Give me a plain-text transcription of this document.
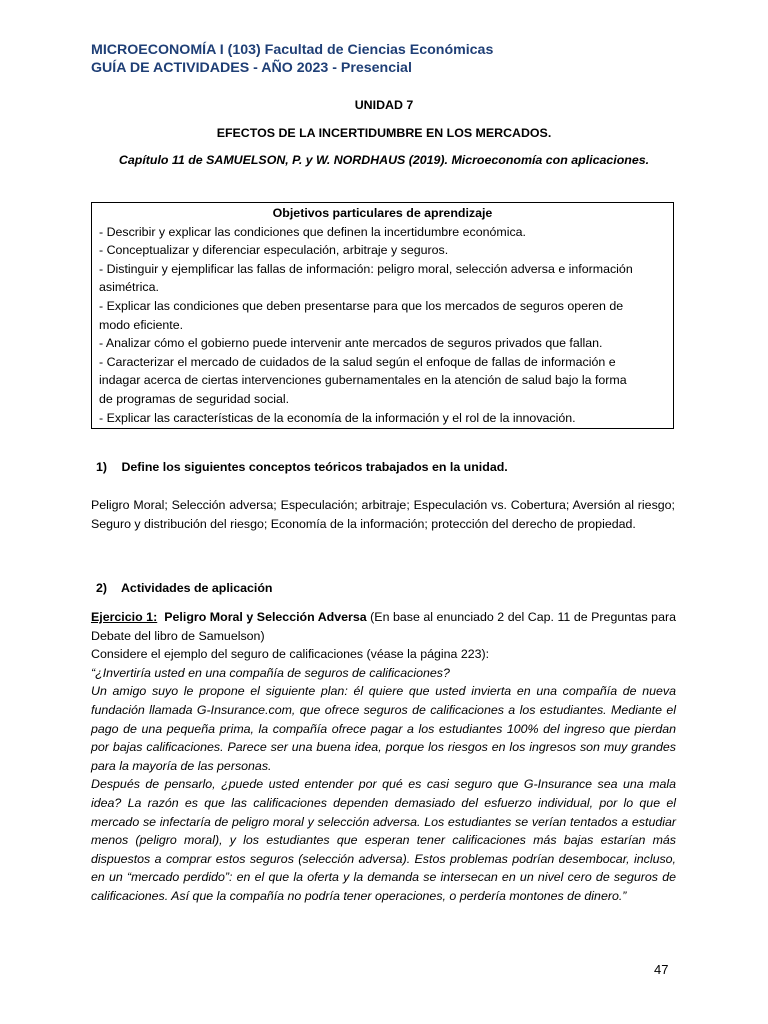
MICROECONOMÍA I (103) Facultad de Ciencias Económicas
GUÍA DE ACTIVIDADES - AÑO 2023 - Presencial
UNIDAD 7
EFECTOS DE LA INCERTIDUMBRE EN LOS MERCADOS.
Capítulo 11 de SAMUELSON, P. y W. NORDHAUS (2019). Microeconomía con aplicaciones.
Objetivos particulares de aprendizaje
- Describir y explicar las condiciones que definen la incertidumbre económica.
- Conceptualizar y diferenciar especulación, arbitraje y seguros.
- Distinguir y ejemplificar las fallas de información: peligro moral, selección adversa e información
asimétrica.
- Explicar las condiciones que deben presentarse para que los mercados de seguros operen de
modo eficiente.
- Analizar cómo el gobierno puede intervenir ante mercados de seguros privados que fallan.
- Caracterizar el mercado de cuidados de la salud según el enfoque de fallas de información e
indagar acerca de ciertas intervenciones gubernamentales en la atención de salud bajo la forma
de programas de seguridad social.
- Explicar las características de la economía de la información y el rol de la innovación.
1) Define los siguientes conceptos teóricos trabajados en la unidad.

Peligro Moral; Selección adversa; Especulación; arbitraje; Especulación vs. Cobertura; Aversión al riesgo; Seguro y distribución del riesgo; Economía de la información; protección del derecho de propiedad.

2) Actividades de aplicación

Ejercicio 1: Peligro Moral y Selección Adversa (En base al enunciado 2 del Cap. 11 de Preguntas para Debate del libro de Samuelson)

Considere el ejemplo del seguro de calificaciones (véase la página 223):

“¿Invertiría usted en una compañía de seguros de calificaciones?

Un amigo suyo le propone el siguiente plan: él quiere que usted invierta en una compañía de nueva fundación llamada G-Insurance.com, que ofrece seguros de calificaciones a los estudiantes. Mediante el pago de una pequeña prima, la compañía ofrece pagar a los estudiantes 100% del ingreso que pierdan por bajas calificaciones. Parece ser una buena idea, porque los riesgos en los ingresos son muy grandes para la mayoría de las personas.

Después de pensarlo, ¿puede usted entender por qué es casi seguro que G-Insurance sea una mala idea? La razón es que las calificaciones dependen demasiado del esfuerzo individual, por lo que el mercado se infectaría de peligro moral y selección adversa. Los estudiantes se verían tentados a estudiar menos (peligro moral), y los estudiantes que esperan tener calificaciones más bajas estarían más dispuestos a comprar estos seguros (selección adversa). Estos problemas podrían desembocar, incluso, en un “mercado perdido”: en el que la oferta y la demanda se intersecan en un nivel cero de seguros de calificaciones. Así que la compañía no podría tener operaciones, o perdería montones de dinero.”

47
